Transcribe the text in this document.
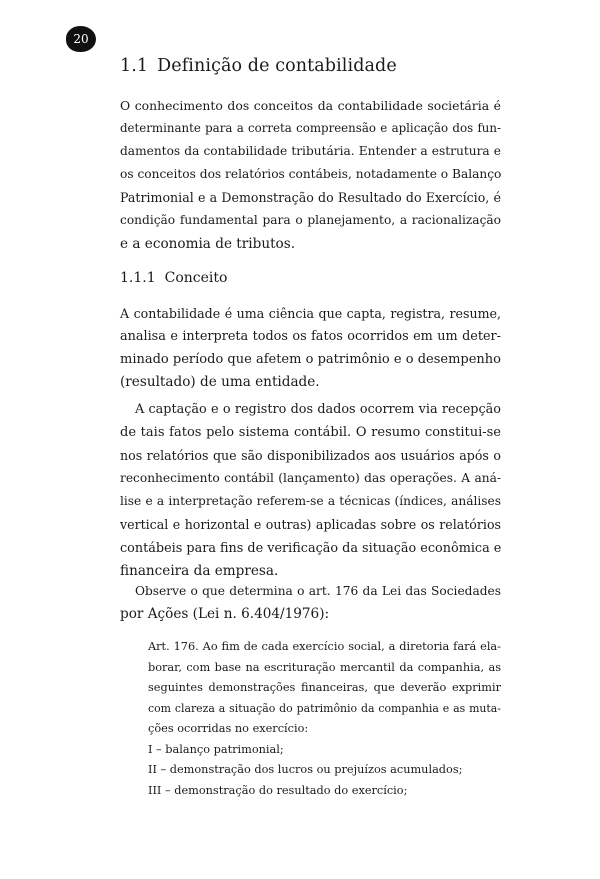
20
1.1 Definição de contabilidade
O conhecimento dos conceitos da contabilidade societária é
determinante para a correta compreensão e aplicação dos fun-
damentos da contabilidade tributária. Entender a estrutura e
os conceitos dos relatórios contábeis, notadamente o Balanço
Patrimonial e a Demonstração do Resultado do Exercício, é
condição fundamental para o planejamento, a racionalização
e a economia de tributos.
1.1.1 Conceito
A contabilidade é uma ciência que capta, registra, resume,
analisa e interpreta todos os fatos ocorridos em um deter-
minado período que afetem o patrimônio e o desempenho
(resultado) de uma entidade.
A captação e o registro dos dados ocorrem via recepção
de tais fatos pelo sistema contábil. O resumo constitui-se
nos relatórios que são disponibilizados aos usuários após o
reconhecimento contábil (lançamento) das operações. A aná-
lise e a interpretação referem-se a técnicas (índices, análises
vertical e horizontal e outras) aplicadas sobre os relatórios
contábeis para fins de verificação da situação econômica e
financeira da empresa.
Observe o que determina o art. 176 da Lei das Sociedades
por Ações (Lei n. 6.404/1976):
Art. 176. Ao fim de cada exercício social, a diretoria fará ela-
borar, com base na escrituração mercantil da companhia, as
seguintes demonstrações financeiras, que deverão exprimir
com clareza a situação do patrimônio da companhia e as muta-
ções ocorridas no exercício:
I – balanço patrimonial;
II – demonstração dos lucros ou prejuízos acumulados;
III – demonstração do resultado do exercício;
